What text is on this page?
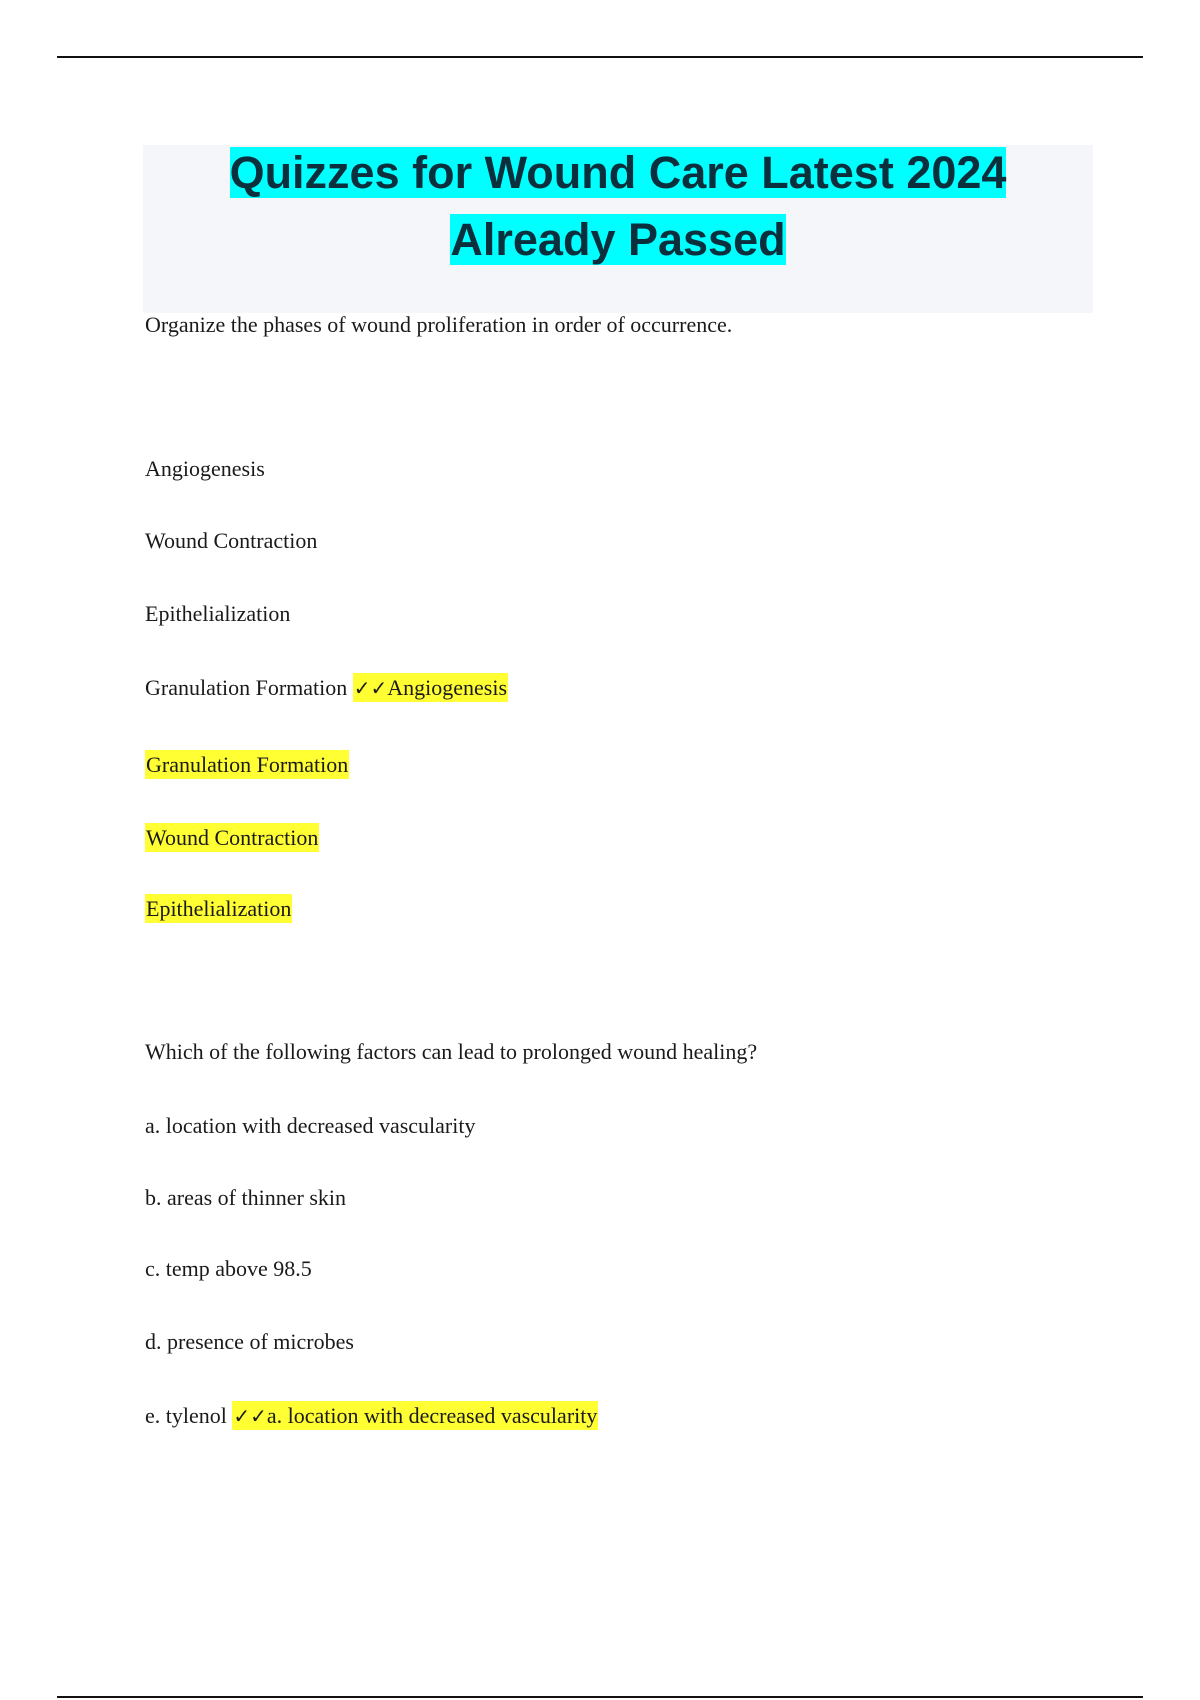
Quizzes for Wound Care Latest 2024
Already Passed

Organize the phases of wound proliferation in order of occurrence.

Angiogenesis

Wound Contraction

Epithelialization

Granulation Formation ✓✓Angiogenesis

Granulation Formation

Wound Contraction

Epithelialization

Which of the following factors can lead to prolonged wound healing?

a. location with decreased vascularity

b. areas of thinner skin

c. temp above 98.5

d. presence of microbes

e. tylenol ✓✓a. location with decreased vascularity
